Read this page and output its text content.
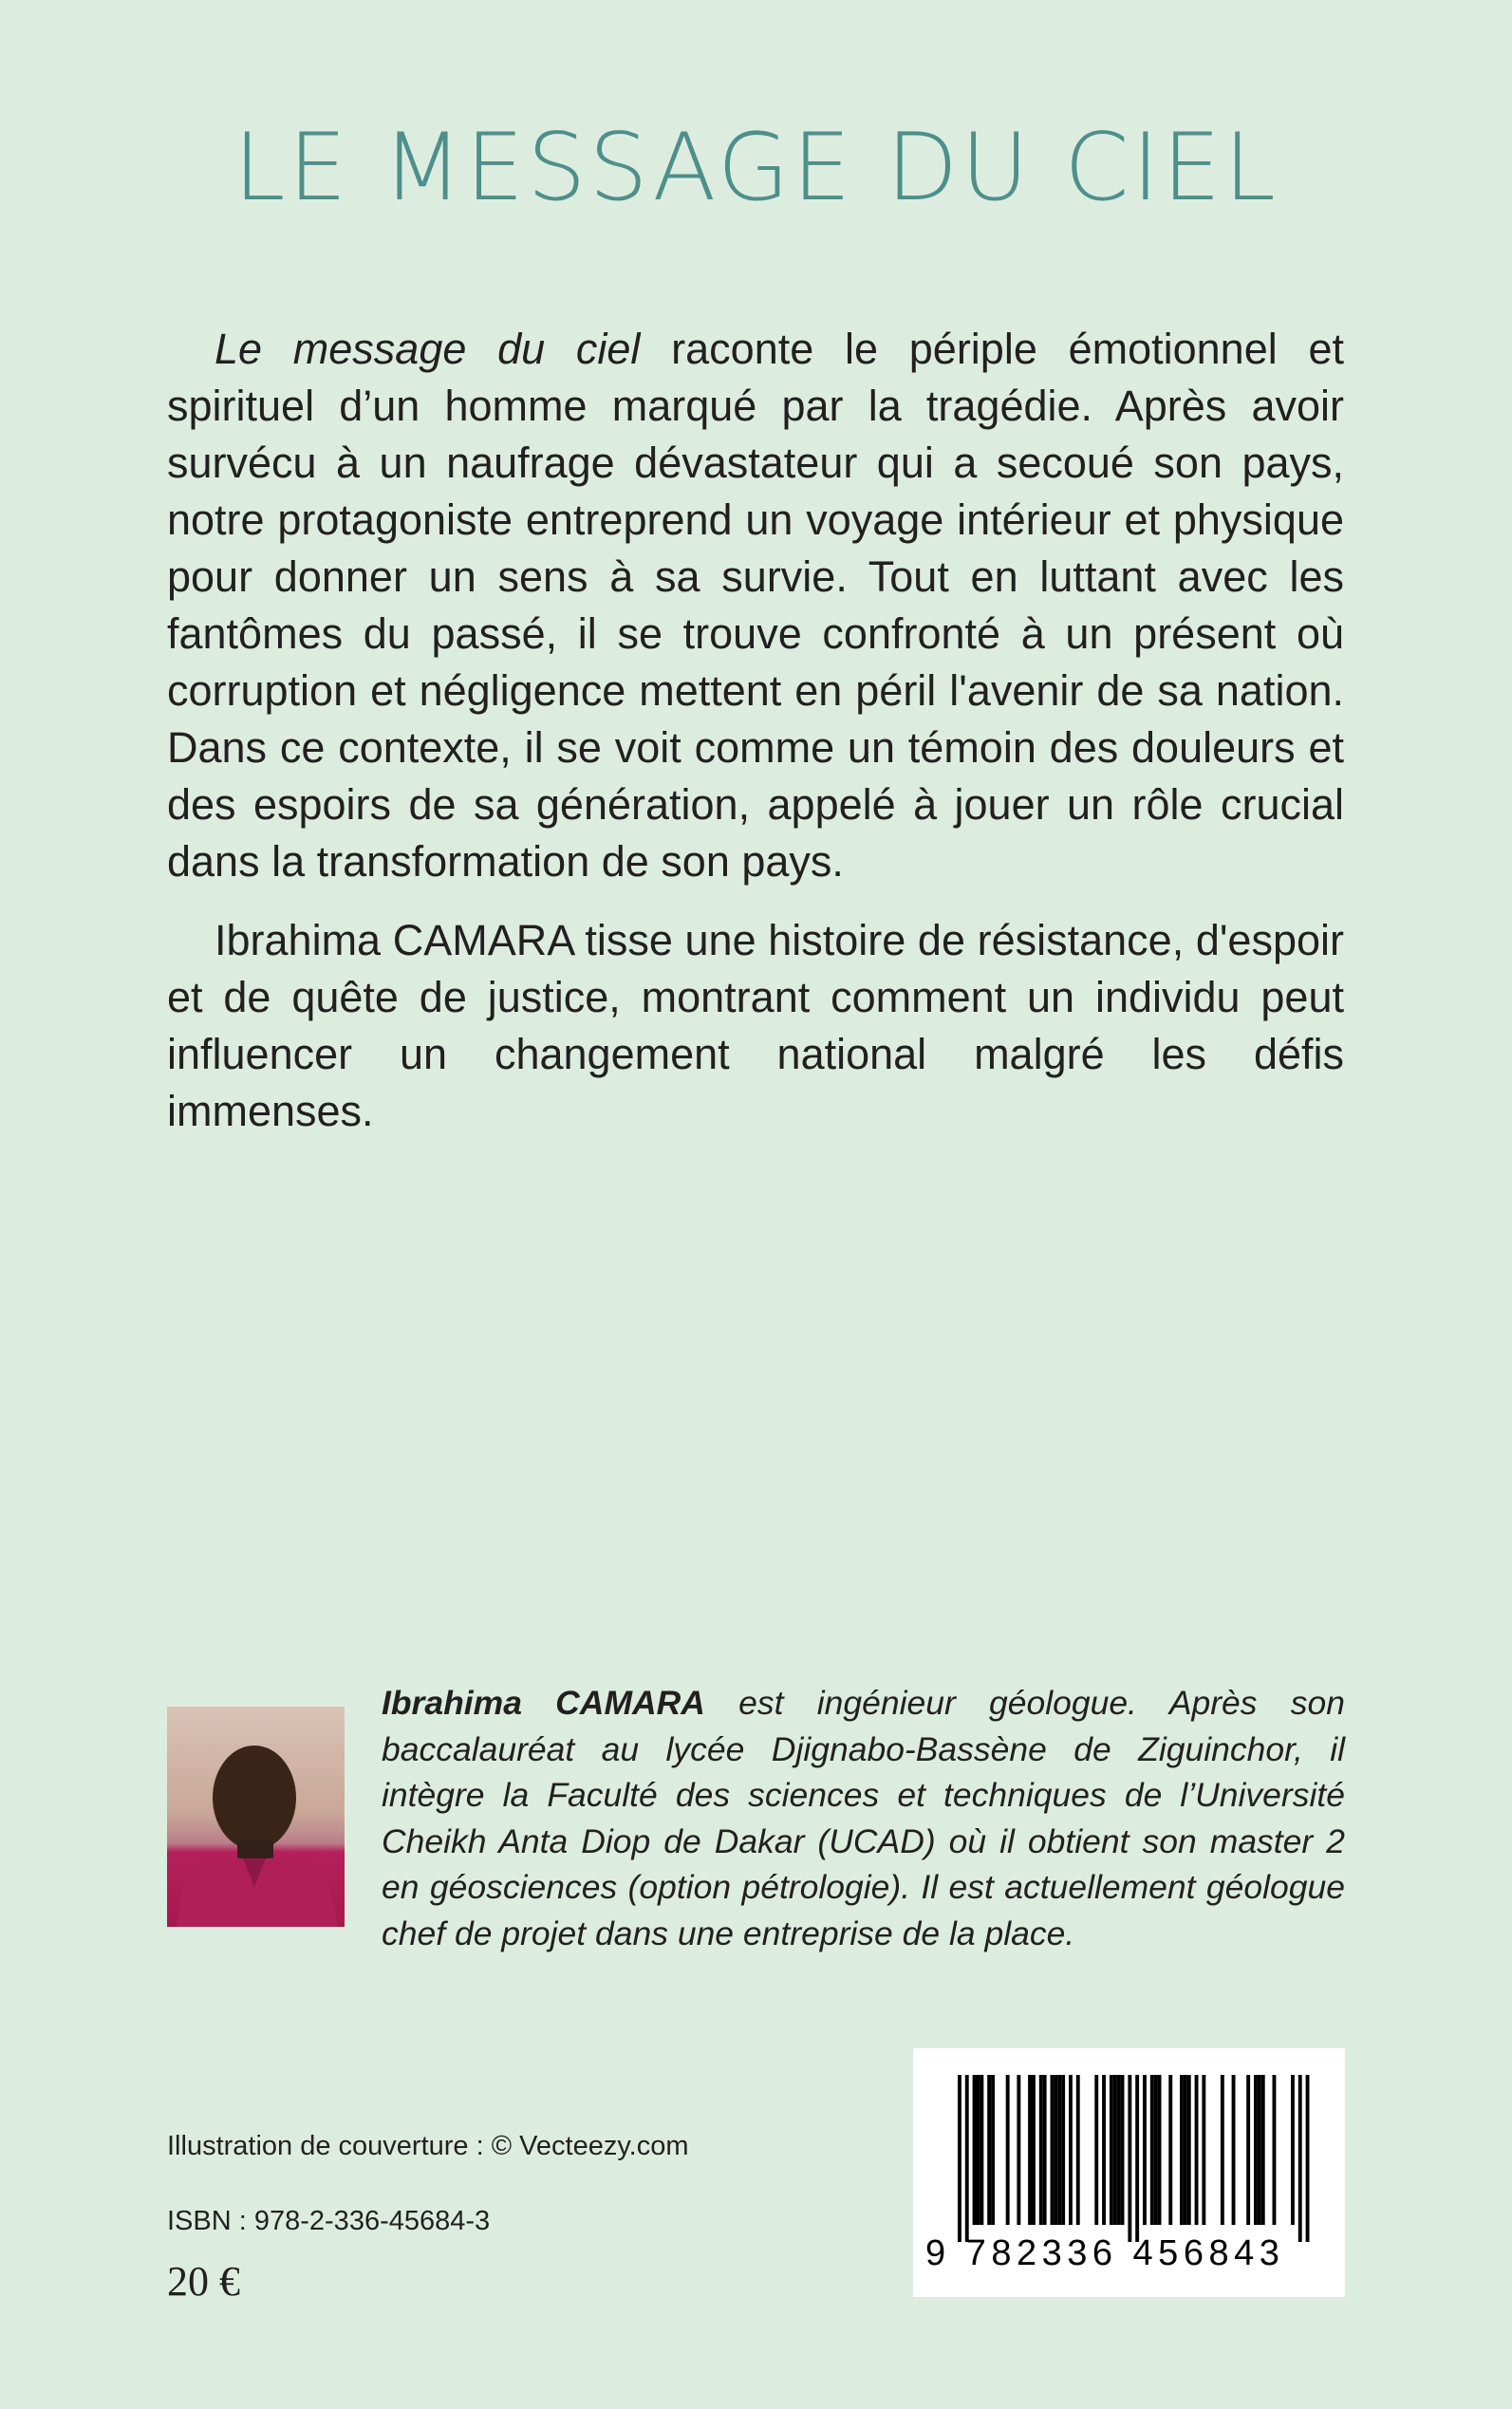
LE MESSAGE DU CIEL

Le message du ciel raconte le périple émotionnel et spirituel d’un homme marqué par la tragédie. Après avoir survécu à un naufrage dévastateur qui a secoué son pays, notre protagoniste entreprend un voyage intérieur et physique pour donner un sens à sa survie. Tout en luttant avec les fantômes du passé, il se trouve confronté à un présent où corruption et négligence mettent en péril l'avenir de sa nation. Dans ce contexte, il se voit comme un témoin des douleurs et des espoirs de sa génération, appelé à jouer un rôle crucial dans la transformation de son pays.

Ibrahima CAMARA tisse une histoire de résistance, d'espoir et de quête de justice, montrant comment un individu peut influencer un changement national malgré les défis immenses.

Ibrahima CAMARA est ingénieur géologue. Après son baccalauréat au lycée Djignabo-Bassène de Ziguinchor, il intègre la Faculté des sciences et techniques de l’Université Cheikh Anta Diop de Dakar (UCAD) où il obtient son master 2 en géosciences (option pétrologie). Il est actuellement géologue chef de projet dans une entreprise de la place.
Illustration de couverture : © Vecteezy.com
ISBN : 978-2-336-45684-3
20 €
9 782336 456843
